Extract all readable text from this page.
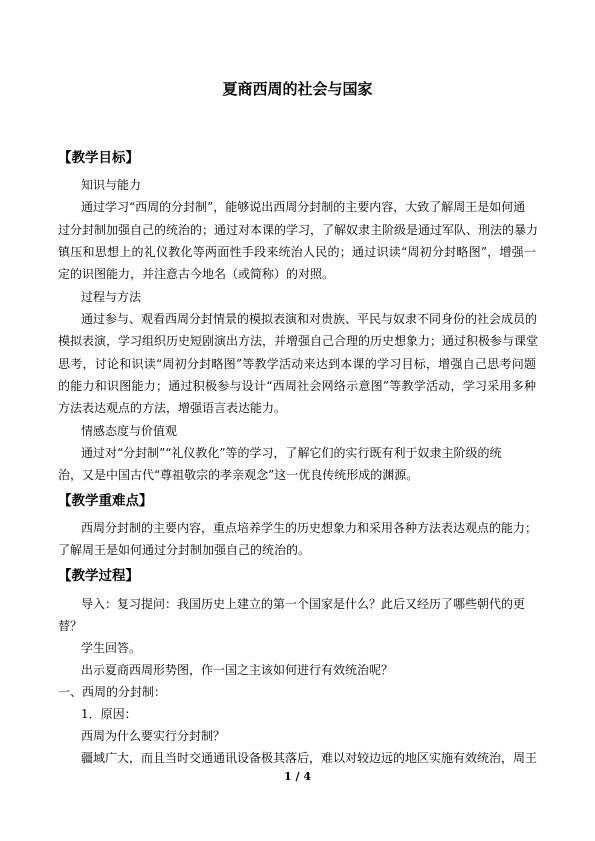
夏商西周的社会与国家
【教学目标】
知识与能力
通过学习“西周的分封制”，能够说出西周分封制的主要内容，大致了解周王是如何通
过分封制加强自己的统治的；通过对本课的学习，了解奴隶主阶级是通过军队、刑法的暴力
镇压和思想上的礼仪教化等两面性手段来统治人民的；通过识读“周初分封略图”，增强一
定的识图能力，并注意古今地名（或简称）的对照。
过程与方法
通过参与、观看西周分封情景的模拟表演和对贵族、平民与奴隶不同身份的社会成员的
模拟表演，学习组织历史短剧演出方法，并增强自己合理的历史想象力；通过积极参与课堂
思考，讨论和识读“周初分封略图”等教学活动来达到本课的学习目标，增强自己思考问题
的能力和识图能力；通过积极参与设计“西周社会网络示意图”等教学活动，学习采用多种
方法表达观点的方法，增强语言表达能力。
情感态度与价值观
通过对“分封制”“礼仪教化”等的学习，了解它们的实行既有利于奴隶主阶级的统
治，又是中国古代“尊祖敬宗的孝亲观念”这一优良传统形成的渊源。
【教学重难点】
西周分封制的主要内容，重点培养学生的历史想象力和采用各种方法表达观点的能力；
了解周王是如何通过分封制加强自己的统治的。
【教学过程】
导入：复习提问：我国历史上建立的第一个国家是什么？此后又经历了哪些朝代的更
替？
学生回答。
出示夏商西周形势图，作一国之主该如何进行有效统治呢？
一、西周的分封制：
1．原因：
西周为什么要实行分封制？
疆域广大，而且当时交通通讯设备极其落后，难以对较边远的地区实施有效统治，周王
1 / 4
